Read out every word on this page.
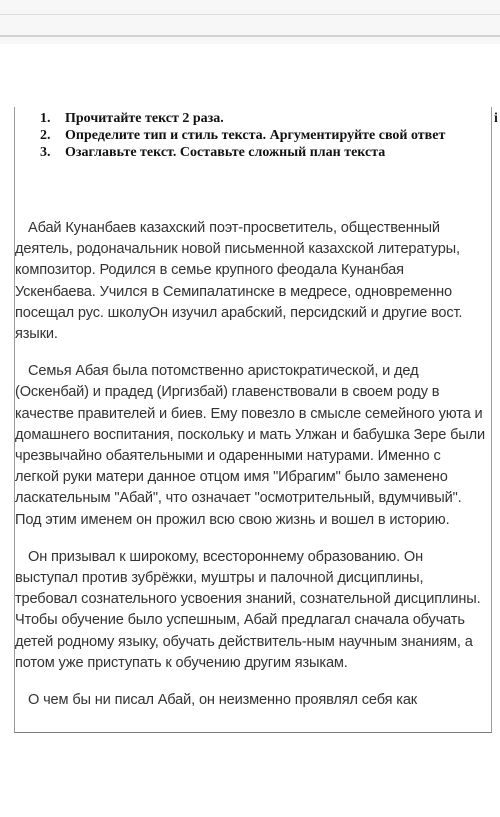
і
1. Прочитайте текст 2 раза.
2. Определите тип и стиль текста. Аргументируйте свой ответ
3. Озаглавьте текст. Составьте сложный план текста

Абай Кунанбаев казахский поэт-просветитель, общественный деятель, родоначальник новой письменной казахской литературы, композитор. Родился в семье крупного феодала Кунанбая Ускенбаева. Учился в Семипалатинске в медресе, одновременно посещал рус. школуОн изучил арабский, персидский и другие вост. языки.

Семья Абая была потомственно аристократической, и дед (Оскенбай) и прадед (Иргизбай) главенствовали в своем роду в качестве правителей и биев. Ему повезло в смысле семейного уюта и домашнего воспитания, поскольку и мать Улжан и бабушка Зере были чрезвычайно обаятельными и одаренными натурами. Именно с легкой руки матери данное отцом имя "Ибрагим" было заменено ласкательным "Абай", что означает "осмотрительный, вдумчивый". Под этим именем он прожил всю свою жизнь и вошел в историю.

Он призывал к широкому, всестороннему образованию. Он выступал против зубрёжки, муштры и палочной дисциплины, требовал сознательного усвоения знаний, сознательной дисциплины. Чтобы обучение было успешным, Абай предлагал сначала обучать детей родному языку, обучать действитель-ным научным знаниям, а потом уже приступать к обучению другим языкам.

О чем бы ни писал Абай, он неизменно проявлял себя как
